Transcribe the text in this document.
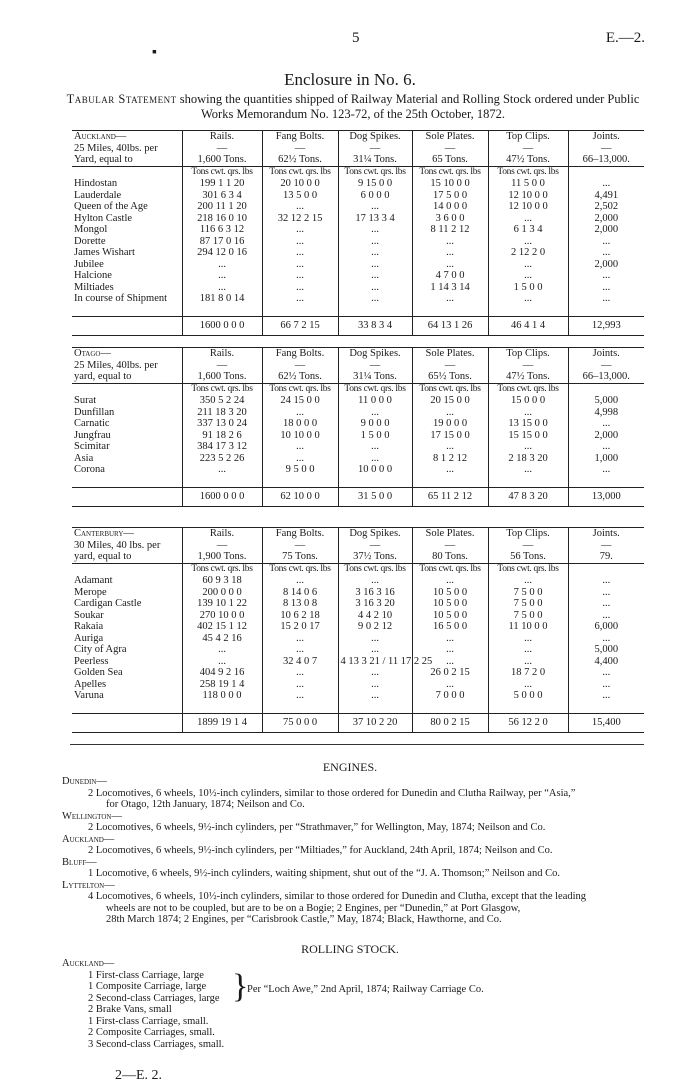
▪
5	E.—2.
Enclosure in No. 6.
Tabular Statement showing the quantities shipped of Railway Material and Rolling Stock ordered under Public Works Memorandum No. 123-72, of the 25th October, 1872.
Auckland—	Rails.	Fang Bolts.	Dog Spikes.	Sole Plates.	Top Clips.	Joints.
25 Miles, 40lbs. per	—	—	—	—	—	—
Yard, equal to	1,600 Tons.	62½ Tons.	31¼ Tons.	65 Tons.	47½ Tons.	66–13,000.
	Tons cwt. qrs. lbs	Tons cwt. qrs. lbs	Tons cwt. qrs. lbs	Tons cwt. qrs. lbs	Tons cwt. qrs. lbs	
Hindostan	199 1 1 20	20 10 0 0	9 15 0 0	15 10 0 0	11 5 0 0	...
Lauderdale	301 6 3 4	13 5 0 0	6 0 0 0	17 5 0 0	12 10 0 0	4,491
Queen of the Age	200 11 1 20	...	...	14 0 0 0	12 10 0 0	2,502
Hylton Castle	218 16 0 10	32 12 2 15	17 13 3 4	3 6 0 0	...	2,000
Mongol	116 6 3 12	...	...	8 11 2 12	6 1 3 4	2,000
Dorette	87 17 0 16	...	...	...	...	...
James Wishart	294 12 0 16	...	...	...	2 12 2 0	...
Jubilee	...	...	...	...	...	2,000
Halcione	...	...	...	4 7 0 0	...	...
Miltiades	...	...	...	1 14 3 14	1 5 0 0	...
In course of Shipment	181 8 0 14	...	...	...	...	...

	1600 0 0 0	66 7 2 15	33 8 3 4	64 13 1 26	46 4 1 4	12,993
Otago—	Rails.	Fang Bolts.	Dog Spikes.	Sole Plates.	Top Clips.	Joints.
25 Miles, 40lbs. per	—	—	—	—	—	—
yard, equal to	1,600 Tons.	62½ Tons.	31¼ Tons.	65½ Tons.	47½ Tons.	66–13,000.
	Tons cwt. qrs. lbs	Tons cwt. qrs. lbs	Tons cwt. qrs. lbs	Tons cwt. qrs. lbs	Tons cwt. qrs. lbs	
Surat	350 5 2 24	24 15 0 0	11 0 0 0	20 15 0 0	15 0 0 0	5,000
Dunfillan	211 18 3 20	...	...	...	...	4,998
Carnatic	337 13 0 24	18 0 0 0	9 0 0 0	19 0 0 0	13 15 0 0	...
Jungfrau	91 18 2 6	10 10 0 0	1 5 0 0	17 15 0 0	15 15 0 0	2,000
Scimitar	384 17 3 12	...	...	...	...	...
Asia	223 5 2 26	...	...	8 1 2 12	2 18 3 20	1,000
Corona	...	9 5 0 0	10 0 0 0	...	...	...

	1600 0 0 0	62 10 0 0	31 5 0 0	65 11 2 12	47 8 3 20	13,000
Canterbury—	Rails.	Fang Bolts.	Dog Spikes.	Sole Plates.	Top Clips.	Joints.
30 Miles, 40 lbs. per	—	—	—	—	—	—
yard, equal to	1,900 Tons.	75 Tons.	37½ Tons.	80 Tons.	56 Tons.	79.
	Tons cwt. qrs. lbs	Tons cwt. qrs. lbs	Tons cwt. qrs. lbs	Tons cwt. qrs. lbs	Tons cwt. qrs. lbs	
Adamant	60 9 3 18	...	...	...	...	...
Merope	200 0 0 0	8 14 0 6	3 16 3 16	10 5 0 0	7 5 0 0	...
Cardigan Castle	139 10 1 22	8 13 0 8	3 16 3 20	10 5 0 0	7 5 0 0	...
Soukar	270 10 0 0	10 6 2 18	4 4 2 10	10 5 0 0	7 5 0 0	...
Rakaia	402 15 1 12	15 2 0 17	9 0 2 12	16 5 0 0	11 10 0 0	6,000
Auriga	45 4 2 16	...	...	...	...	...
City of Agra	...	...	...	...	...	5,000
Peerless	...	32 4 0 7	4 13 3 21 / 11 17 2 25	...	...	4,400
Golden Sea	404 9 2 16	...	...	26 0 2 15	18 7 2 0	...
Apelles	258 19 1 4	...	...	...	...	...
Varuna	118 0 0 0	...	...	7 0 0 0	5 0 0 0	...

	1899 19 1 4	75 0 0 0	37 10 2 20	80 0 2 15	56 12 2 0	15,400
ENGINES.
Dunedin—
2 Locomotives, 6 wheels, 10½-inch cylinders, similar to those ordered for Dunedin and Clutha Railway, per “Asia,”
for Otago, 12th January, 1874; Neilson and Co.
Wellington—
2 Locomotives, 6 wheels, 9½-inch cylinders, per “Strathmaver,” for Wellington, May, 1874; Neilson and Co.
Auckland—
2 Locomotives, 6 wheels, 9½-inch cylinders, per “Miltiades,” for Auckland, 24th April, 1874; Neilson and Co.
Bluff—
1 Locomotive, 6 wheels, 9½-inch cylinders, waiting shipment, shut out of the “J. A. Thomson;” Neilson and Co.
Lyttelton—
4 Locomotives, 6 wheels, 10½-inch cylinders, similar to those ordered for Dunedin and Clutha, except that the leading
wheels are not to be coupled, but are to be on a Bogie; 2 Engines, per “Dunedin,” at Port Glasgow,
28th March 1874; 2 Engines, per “Carisbrook Castle,” May, 1874; Black, Hawthorne, and Co.
ROLLING STOCK.
Auckland—
1 First-class Carriage, large
1 Composite Carriage, large
2 Second-class Carriages, large
2 Brake Vans, small
1 First-class Carriage, small.
2 Composite Carriages, small.
3 Second-class Carriages, small.
}
Per “Loch Awe,” 2nd April, 1874; Railway Carriage Co.
2—E. 2.
